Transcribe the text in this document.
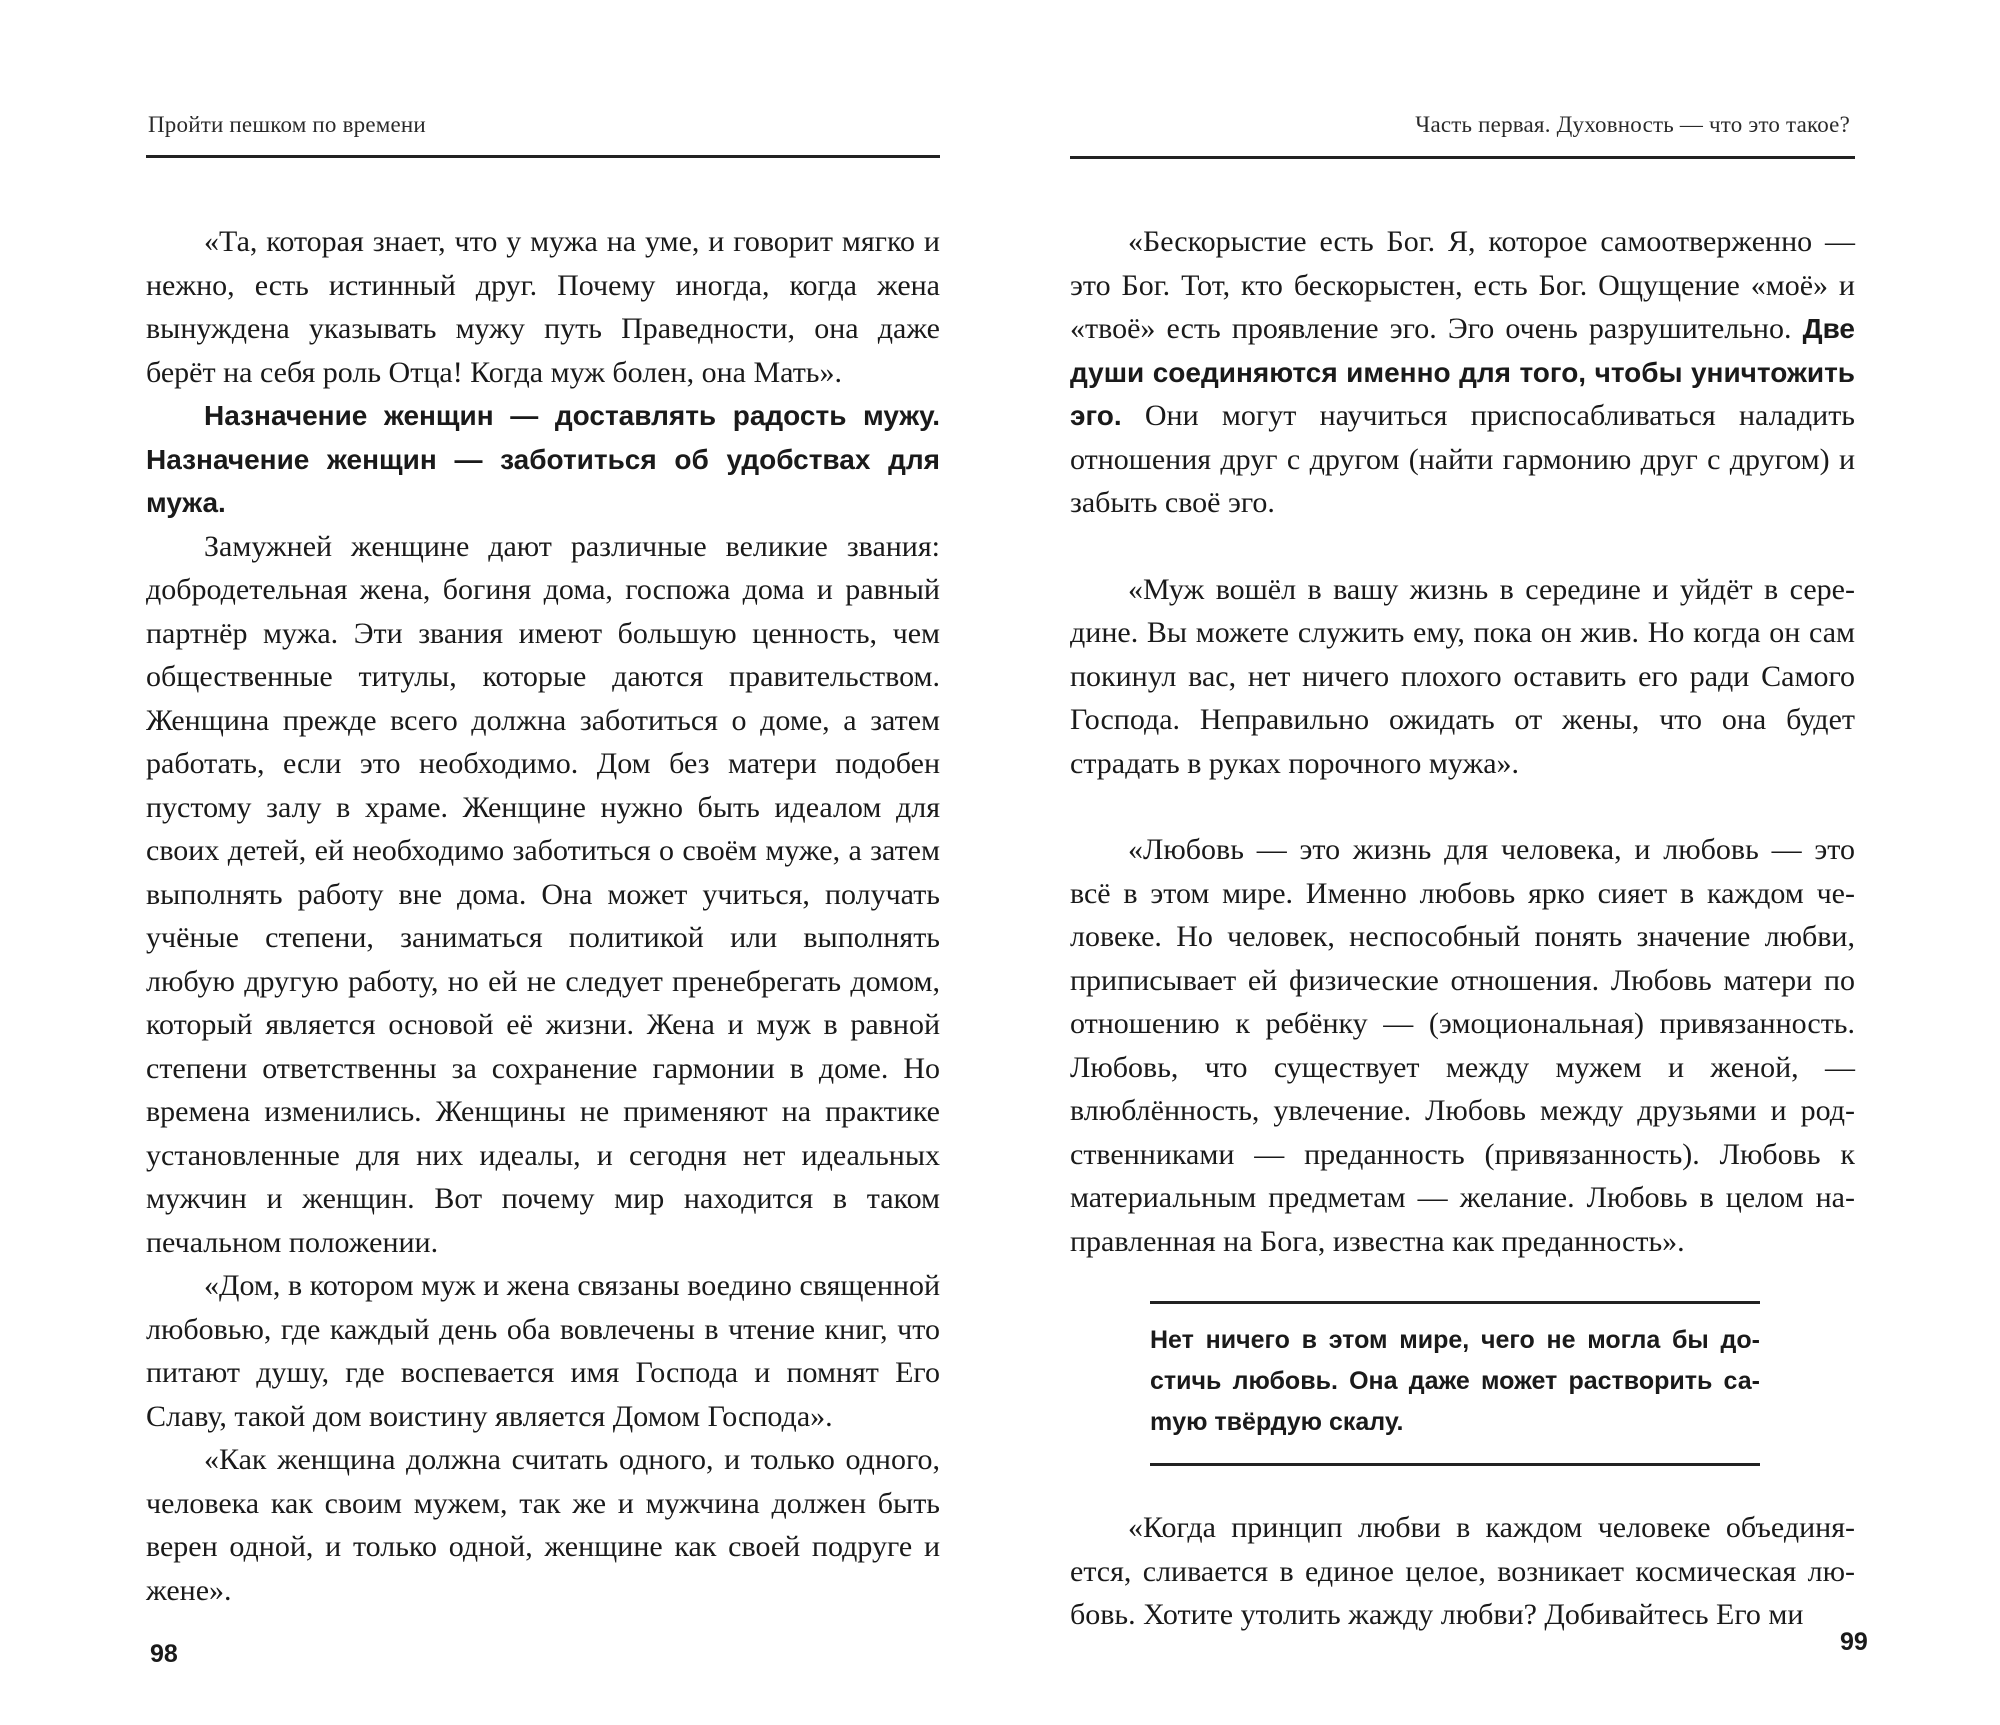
Пройти пешком по времени

«Та, которая знает, что у мужа на уме, и говорит мягко и нежно, есть истинный друг. Почему иногда, когда жена вынуждена указывать мужу путь Праведности, она даже берёт на себя роль Отца! Когда муж болен, она Мать».

Назначение женщин — доставлять радость мужу. Назначение женщин — заботиться об удобствах для мужа.

Замужней женщине дают различные великие звания: добродетельная жена, богиня дома, госпожа дома и равный партнёр мужа. Эти звания имеют большую ценность, чем общественные титулы, которые даются правительством. Женщина прежде всего должна заботиться о доме, а затем работать, если это необходимо. Дом без матери подобен пустому залу в храме. Женщине нужно быть идеалом для своих детей, ей необходимо заботиться о своём муже, а затем выполнять работу вне дома. Она может учиться, получать учёные степени, заниматься политикой или выполнять любую другую работу, но ей не следует пренебрегать домом, который является основой её жизни. Жена и муж в равной степени ответственны за сохранение гармонии в доме. Но времена изменились. Женщины не применяют на практике установленные для них идеалы, и сегодня нет идеальных мужчин и женщин. Вот почему мир находится в таком печальном положении.

«Дом, в котором муж и жена связаны воедино священной любовью, где каждый день оба вовлечены в чтение книг, что питают душу, где воспевается имя Господа и помнят Его Славу, такой дом воистину является Домом Господа».

«Как женщина должна считать одного, и только одного, человека как своим мужем, так же и мужчина должен быть верен одной, и только одной, женщине как своей подруге и жене».

98
Часть первая. Духовность — что это такое?

«Бескорыстие есть Бог. Я, которое самоотверженно — это Бог. Тот, кто бескорыстен, есть Бог. Ощущение «моё» и «твоё» есть проявление эго. Эго очень разрушительно. Две души соединяются именно для того, чтобы уничтожить эго. Они могут научиться приспосабливаться наладить отношения друг с другом (найти гармонию друг с другом) и забыть своё эго.

«Муж вошёл в вашу жизнь в середине и уйдёт в середине. Вы можете служить ему, пока он жив. Но когда он сам покинул вас, нет ничего плохого оставить его ради Самого Господа. Неправильно ожидать от жены, что она будет страдать в руках порочного мужа».

«Любовь — это жизнь для человека, и любовь — это всё в этом мире. Именно любовь ярко сияет в каждом человеке. Но человек, неспособный понять значение любви, приписывает ей физические отношения. Любовь матери по отношению к ребёнку — (эмоциональная) привязанность. Любовь, что существует между мужем и женой, — влюблённость, увлечение. Любовь между друзьями и родственниками — преданность (привязанность). Любовь к материальным предметам — желание. Любовь в целом направленная на Бога, известна как преданность».

Нет ничего в этом мире, чего не могла бы достичь любовь. Она даже может растворить саmую твёрдую скалу.

«Когда принцип любви в каждом человеке объединяется, сливается в единое целое, возникает космическая любовь. Хотите утолить жажду любви? Добивайтесь Его ми

99
